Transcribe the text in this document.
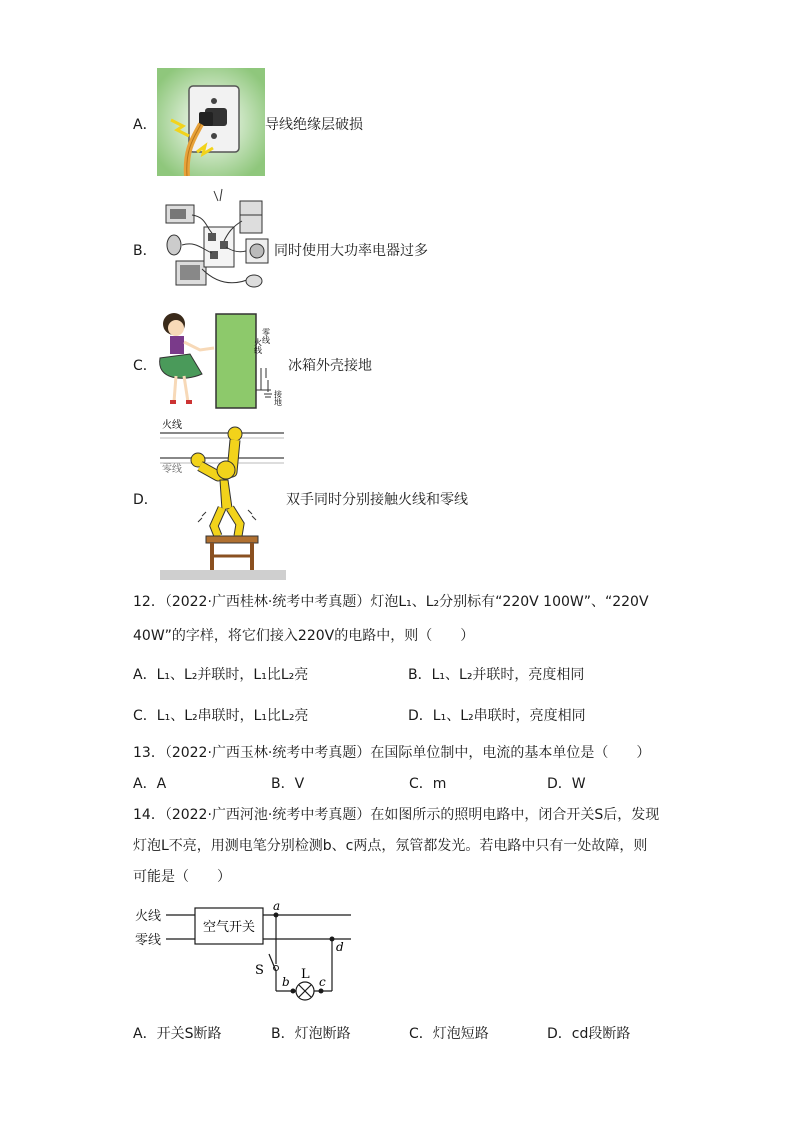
A．	导线绝缘层破损
B．	同时使用大功率电器过多
C．
火线
零线
接地
冰箱外壳接地
D．
火线
零线
双手同时分别接触火线和零线
12．（2022·广西桂林·统考中考真题）灯泡L₁、L₂分别标有“220V 100W”、“220V
40W”的字样，将它们接入220V的电路中，则（　　）
A．L₁、L₂并联时，L₁比L₂亮	B．L₁、L₂并联时，亮度相同
C．L₁、L₂串联时，L₁比L₂亮	D．L₁、L₂串联时，亮度相同
13．（2022·广西玉林·统考中考真题）在国际单位制中，电流的基本单位是（　　）
A．A	B．V	C．m	D．W
14．（2022·广西河池·统考中考真题）在如图所示的照明电路中，闭合开关S后，发现
灯泡L不亮，用测电笔分别检测b、c两点，氖管都发光。若电路中只有一处故障，则
可能是（　　）
火线
零线
空气开关
a
S
b L c
d
A．开关S断路	B．灯泡断路	C．灯泡短路	D．cd段断路
